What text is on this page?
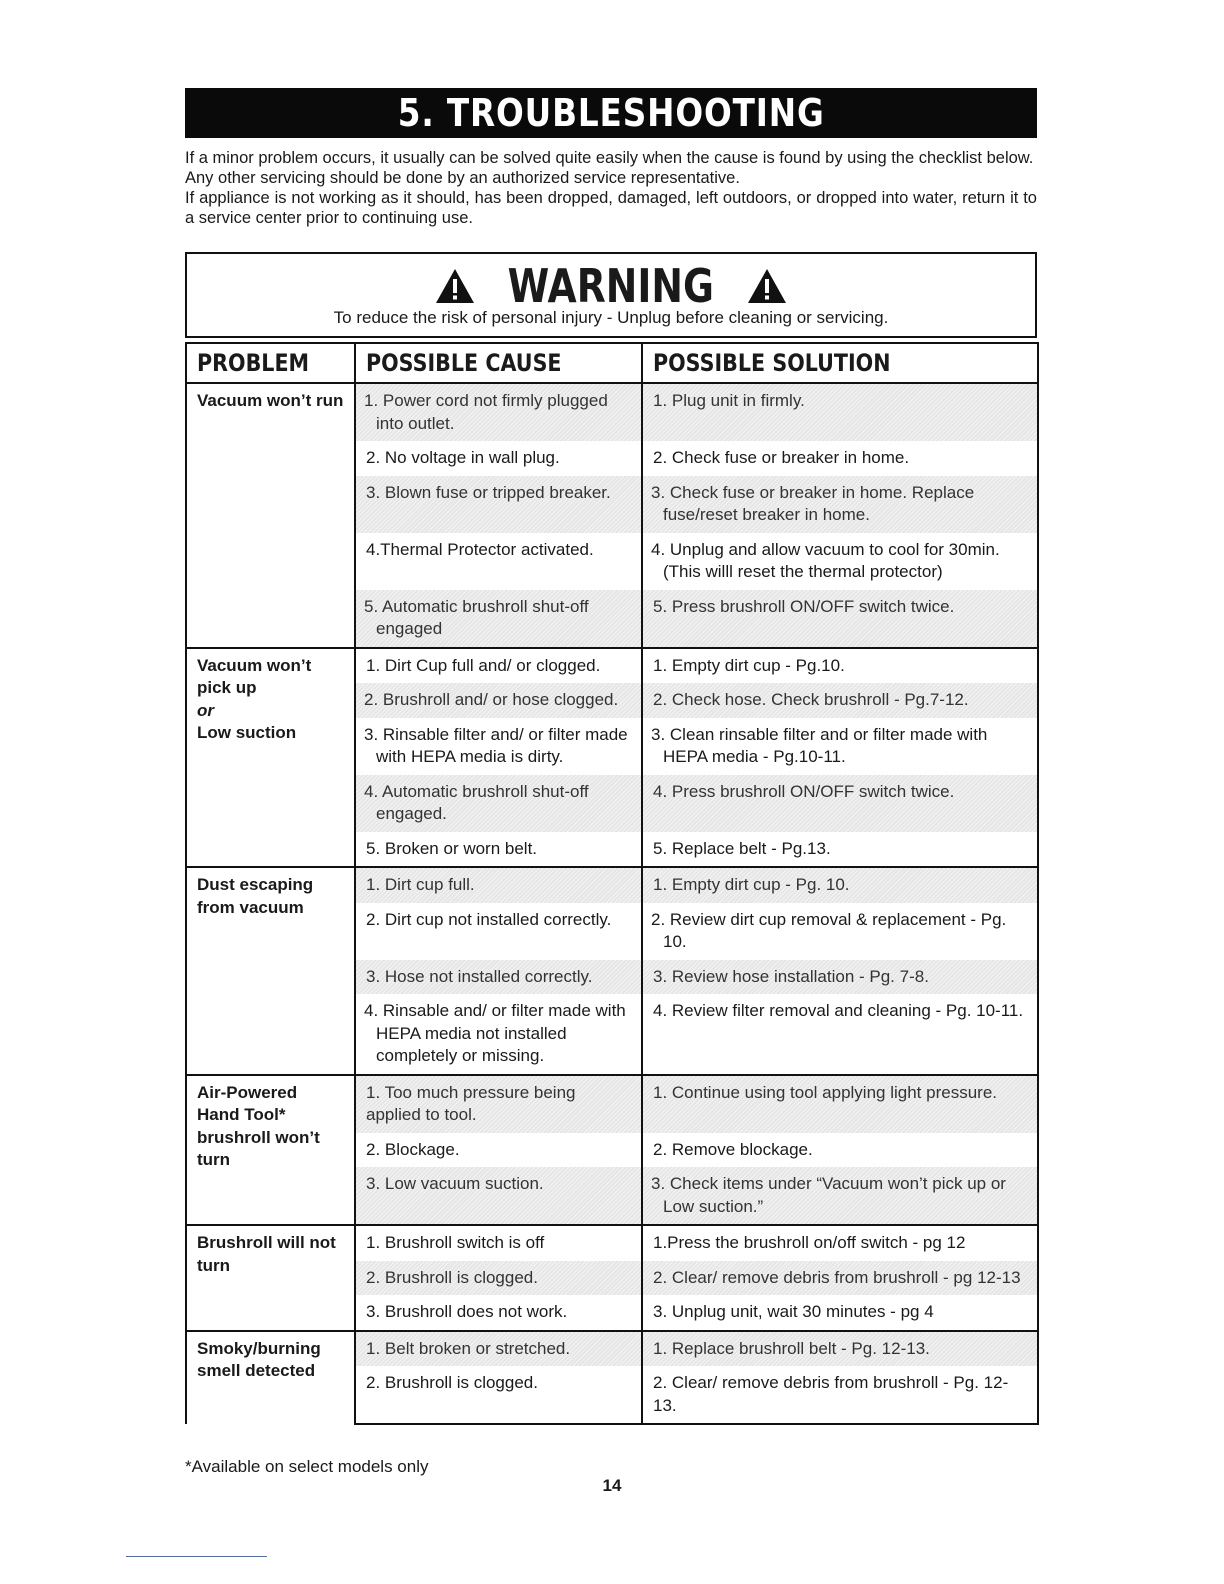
5. TROUBLESHOOTING

If a minor problem occurs, it usually can be solved quite easily when the cause is found by using the checklist below.

Any other servicing should be done by an authorized service representative.

If appliance is not working as it should, has been dropped, damaged, left outdoors, or dropped into water, return it to a service center prior to continuing use.

WARNING
To reduce the risk of personal injury - Unplug before cleaning or servicing.
PROBLEM	POSSIBLE CAUSE	POSSIBLE SOLUTION
Vacuum won’t run	1. Power cord not firmly plugged into outlet.	1. Plug unit in firmly.

	2. No voltage in wall plug.	2. Check fuse or breaker in home.

	3. Blown fuse or tripped breaker.	3. Check fuse or breaker in home. Replace fuse/reset breaker in home.

	4.Thermal Protector activated.	4. Unplug and allow vacuum to cool for 30min. (This willl reset the thermal protector)

	5. Automatic brushroll shut-off engaged	5. Press brushroll ON/OFF switch twice.

Vacuum won’t pick up
or
Low suction	1. Dirt Cup full and/ or clogged.	1. Empty dirt cup - Pg.10.

	2. Brushroll and/ or hose clogged.	2. Check hose. Check brushroll - Pg.7-12.

	3. Rinsable filter and/ or filter made with HEPA media is dirty.	3. Clean rinsable filter and or filter made with HEPA media - Pg.10-11.

	4. Automatic brushroll shut-off engaged.	4. Press brushroll ON/OFF switch twice.

	5. Broken or worn belt.	5. Replace belt - Pg.13.

Dust escaping from vacuum	1. Dirt cup full.	1. Empty dirt cup - Pg. 10.

	2. Dirt cup not installed correctly.	2. Review dirt cup removal & replacement - Pg. 10.

	3. Hose not installed correctly.	3. Review hose installation - Pg. 7-8.

	4. Rinsable and/ or filter made with HEPA media not installed completely or missing.	4. Review filter removal and cleaning - Pg. 10-11.

Air-Powered Hand Tool* brushroll won’t turn	1. Too much pressure being applied to tool.	1. Continue using tool applying light pressure.

	2. Blockage.	2. Remove blockage.

	3. Low vacuum suction.	3. Check items under “Vacuum won’t pick up or Low suction.”

Brushroll will not turn	1. Brushroll switch is off	1.Press the brushroll on/off switch - pg 12

	2. Brushroll is clogged.	2. Clear/ remove debris from brushroll - pg 12-13

	3. Brushroll does not work.	3. Unplug unit, wait 30 minutes - pg 4

Smoky/burning smell detected	1. Belt broken or stretched.	1. Replace brushroll belt - Pg. 12-13.

	2. Brushroll is clogged.	2. Clear/ remove debris from brushroll - Pg. 12-13.
*Available on select models only
14
